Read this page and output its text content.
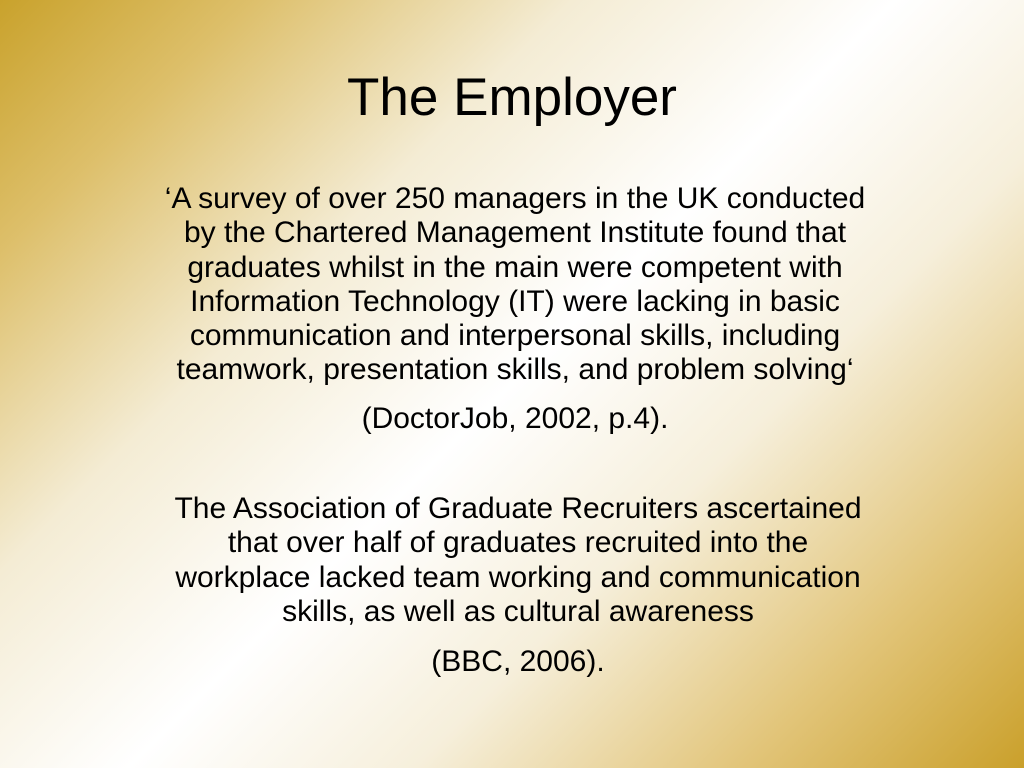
The Employer
‘A survey of over 250 managers in the UK conducted
by the Chartered Management Institute found that
graduates whilst in the main were competent with
Information Technology (IT) were lacking in basic
communication and interpersonal skills, including
teamwork, presentation skills, and problem solving‘
(DoctorJob, 2002, p.4).
The Association of Graduate Recruiters ascertained
that over half of graduates recruited into the
workplace lacked team working and communication
skills, as well as cultural awareness
(BBC, 2006).
